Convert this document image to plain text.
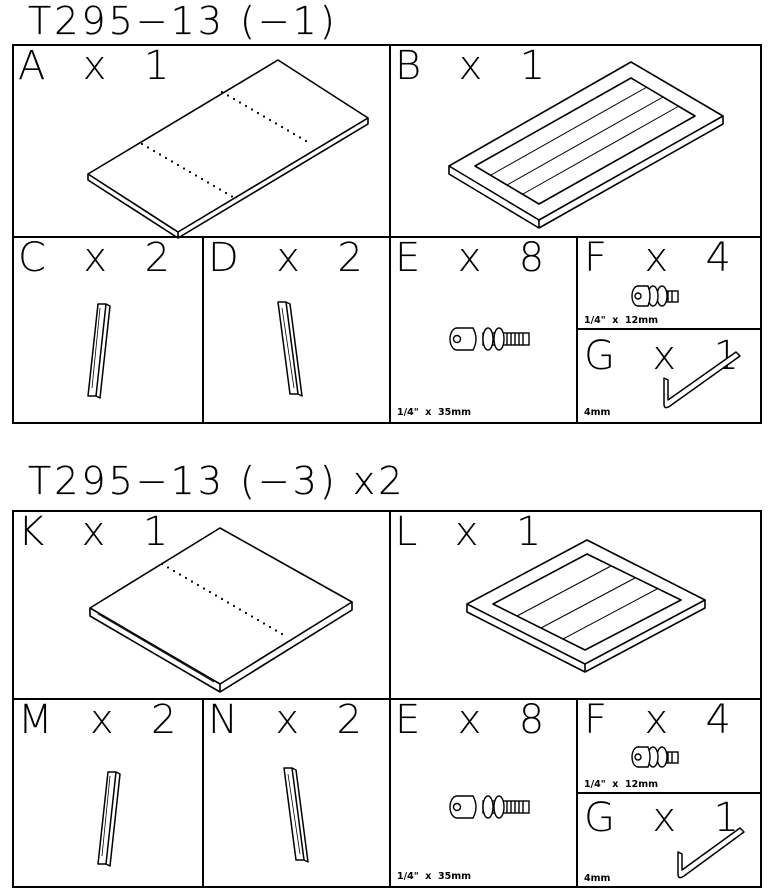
T295−13 (−1)
A  x  1	B  x  1
C  x  2 D  x  2 E  x  8
1/4"  x  35mm
F  x  4
1/4"  x  12mm
G  x  1
4mm
T295−13 (−3) x2
K  x  1	L  x  1
M  x  2 N  x  2 E  x  8
1/4"  x  35mm
F  x  4
1/4"  x  12mm
G  x  1
4mm
